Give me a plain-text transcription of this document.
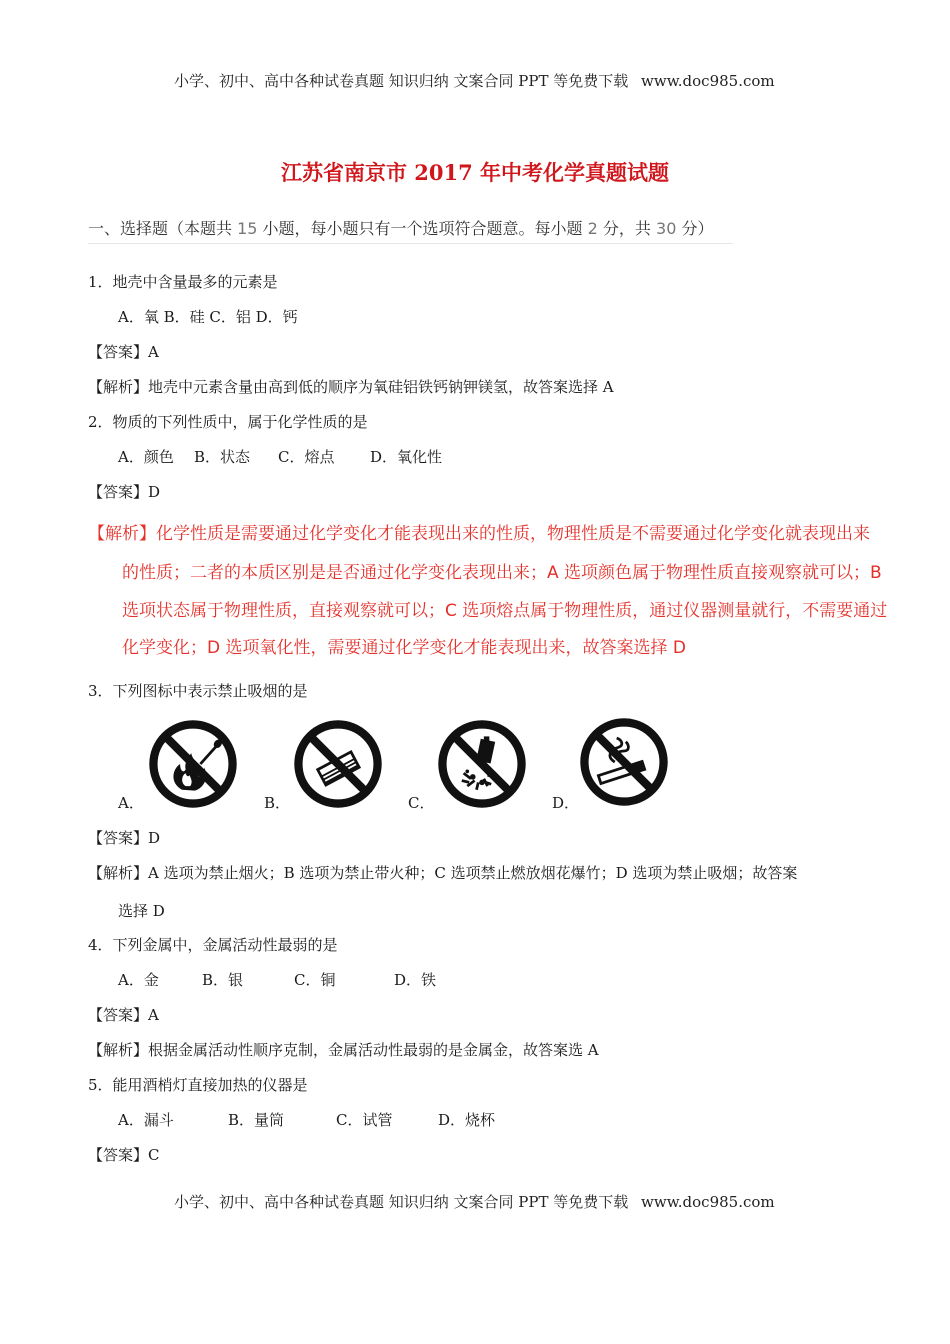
小学、初中、高中各种试卷真题 知识归纳 文案合同 PPT 等免费下载 www.doc985.com
江苏省南京市 2017 年中考化学真题试题
一、选择题（本题共 15 小题，每小题只有一个选项符合题意。每小题 2 分，共 30 分）
1．地壳中含量最多的元素是
A．氧 B．硅 C．铝 D．钙
【答案】A
【解析】地壳中元素含量由高到低的顺序为氧硅铝铁钙钠钾镁氢，故答案选择 A
2．物质的下列性质中，属于化学性质的是
A．颜色 B．状态 C．熔点 D．氧化性
【答案】D
【解析】化学性质是需要通过化学变化才能表现出来的性质，物理性质是不需要通过化学变化就表现出来
的性质；二者的本质区别是是否通过化学变化表现出来；A 选项颜色属于物理性质直接观察就可以；B
选项状态属于物理性质，直接观察就可以；C 选项熔点属于物理性质，通过仪器测量就行，不需要通过
化学变化；D 选项氧化性，需要通过化学变化才能表现出来，故答案选择 D
3．下列图标中表示禁止吸烟的是
A．	B．	C．	D．
【答案】D
【解析】A 选项为禁止烟火；B 选项为禁止带火种；C 选项禁止燃放烟花爆竹；D 选项为禁止吸烟；故答案
选择 D
4．下列金属中，金属活动性最弱的是
A．金	B．银	C．铜	D．铁
【答案】A
【解析】根据金属活动性顺序克制，金属活动性最弱的是金属金，故答案选 A
5．能用酒梢灯直接加热的仪器是
A．漏斗	B．量筒	C．试管	D．烧杯
【答案】C
小学、初中、高中各种试卷真题 知识归纳 文案合同 PPT 等免费下载 www.doc985.com
